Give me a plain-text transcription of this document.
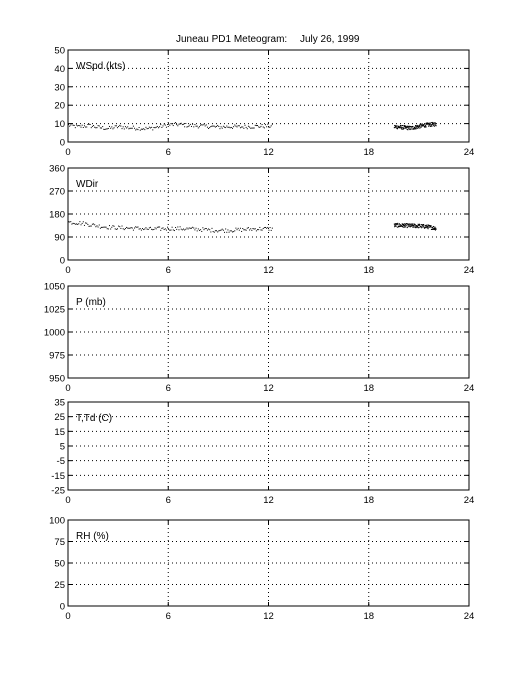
Juneau PD1 Meteogram: July 26, 1999
0	6	12	18	24
0
10
20
30
40
50
WSpd (kts)
0	6	12	18	24
0
90
180
270
360
WDir
0	6	12	18	24
950
975
1000
1025
1050
P (mb)
0	6	12	18	24
-25
-15
-5
5
15
25
35
T,Td (C)
0	6	12	18	24
0
25
50
75
100
RH (%)
